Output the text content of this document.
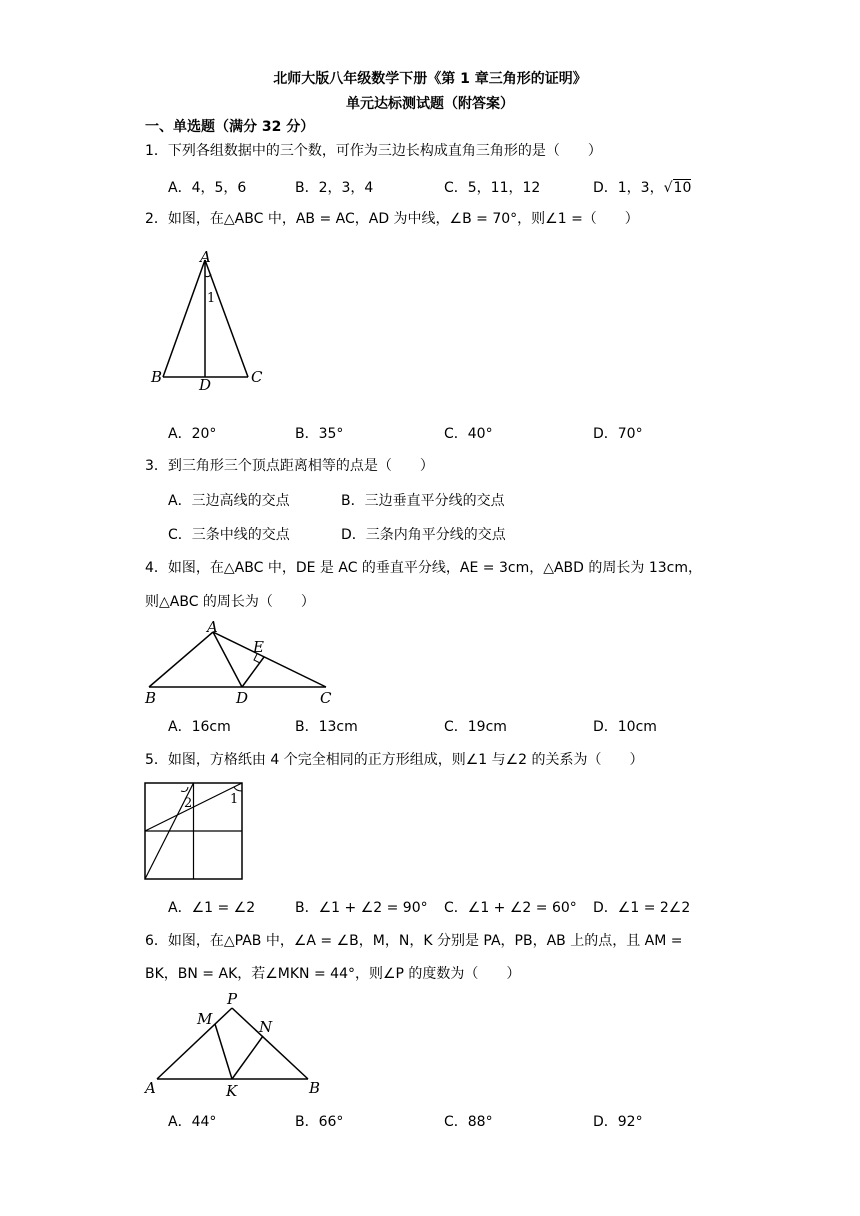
北师大版八年级数学下册《第 1 章三角形的证明》
单元达标测试题（附答案）
一、单选题（满分 32 分）
1．下列各组数据中的三个数，可作为三边长构成直角三角形的是（　　）
A．4，5，6	B．2，3，4	C．5，11，12	D．1，3，√10
2．如图，在△ABC 中，AB = AC，AD 为中线，∠B = 70°，则∠1 =（　　）
A
1
B D	C
A．20°	B．35°	C．40°	D．70°
3．到三角形三个顶点距离相等的点是（　　）
A．三边高线的交点	B．三边垂直平分线的交点
C．三条中线的交点	D．三条内角平分线的交点
4．如图，在△ABC 中，DE 是 AC 的垂直平分线，AE = 3cm，△ABD 的周长为 13cm，
则△ABC 的周长为（　　）
A
E
B	D	C
A．16cm	B．13cm	C．19cm	D．10cm
5．如图，方格纸由 4 个完全相同的正方形组成，则∠1 与∠2 的关系为（　　）
2	1
A．∠1 = ∠2	B．∠1 + ∠2 = 90° C．∠1 + ∠2 = 60° D．∠1 = 2∠2
6．如图，在△PAB 中，∠A = ∠B，M，N，K 分别是 PA，PB，AB 上的点，且 AM =
BK，BN = AK，若∠MKN = 44°，则∠P 的度数为（　　）
P
M	N
A	K	B
A．44°	B．66°	C．88°	D．92°
